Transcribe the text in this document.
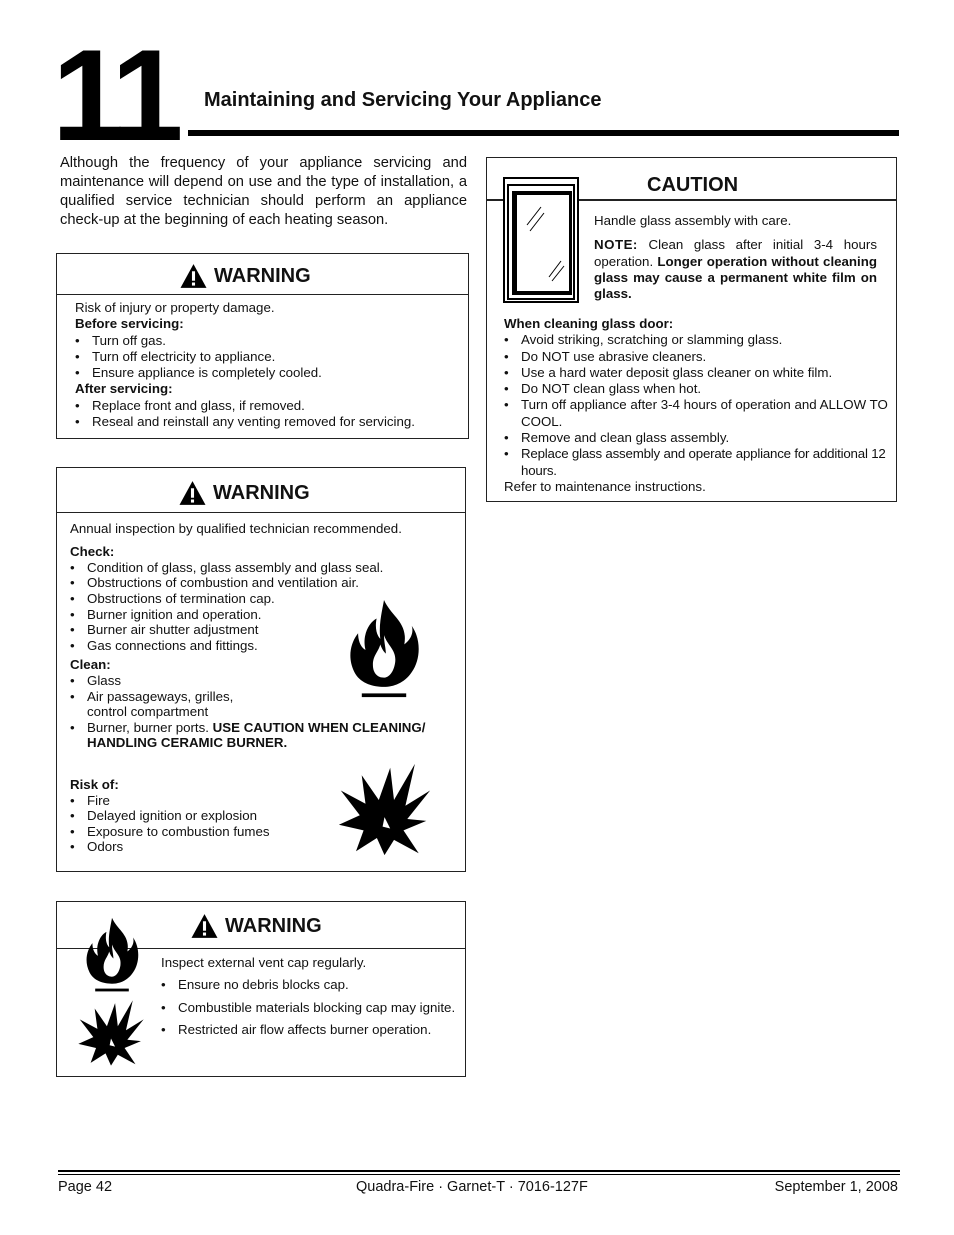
11 Maintaining and Servicing Your Appliance
Although the frequency of your appliance servicing and maintenance will depend on use and the type of installation, a qualified service technician should perform an appliance check-up at the beginning of each heating season.
WARNING
Risk of injury or property damage.
Before servicing:
• Turn off gas.
• Turn off electricity to appliance.
• Ensure appliance is completely cooled.
After servicing:
• Replace front and glass, if removed.
• Reseal and reinstall any venting removed for servicing.
WARNING
Annual inspection by qualified technician recommended.
Check:
• Condition of glass, glass assembly and glass seal.
• Obstructions of combustion and ventilation air.
• Obstructions of termination cap.
• Burner ignition and operation.
• Burner air shutter adjustment
• Gas connections and fittings.
Clean:
• Glass
• Air passageways, grilles,
control compartment
• Burner, burner ports. USE CAUTION WHEN CLEANING/ HANDLING CERAMIC BURNER.
Risk of:
• Fire
• Delayed ignition or explosion
• Exposure to combustion fumes
• Odors
WARNING
Inspect external vent cap regularly.
• Ensure no debris blocks cap.
• Combustible materials blocking cap may ignite.
• Restricted air flow affects burner operation.
CAUTION
Handle glass assembly with care.
NOTE: Clean glass after initial 3-4 hours operation. Longer operation without cleaning glass may cause a permanent white film on glass.
When cleaning glass door:
• Avoid striking, scratching or slamming glass.
• Do NOT use abrasive cleaners.
• Use a hard water deposit glass cleaner on white film.
• Do NOT clean glass when hot.
• Turn off appliance after 3-4 hours of operation and ALLOW TO COOL.
• Remove and clean glass assembly.
• Replace glass assembly and operate appliance for additional 12 hours.
Refer to maintenance instructions.
Page 42	Quadra-Fire · Garnet-T · 7016-127F	September 1, 2008
